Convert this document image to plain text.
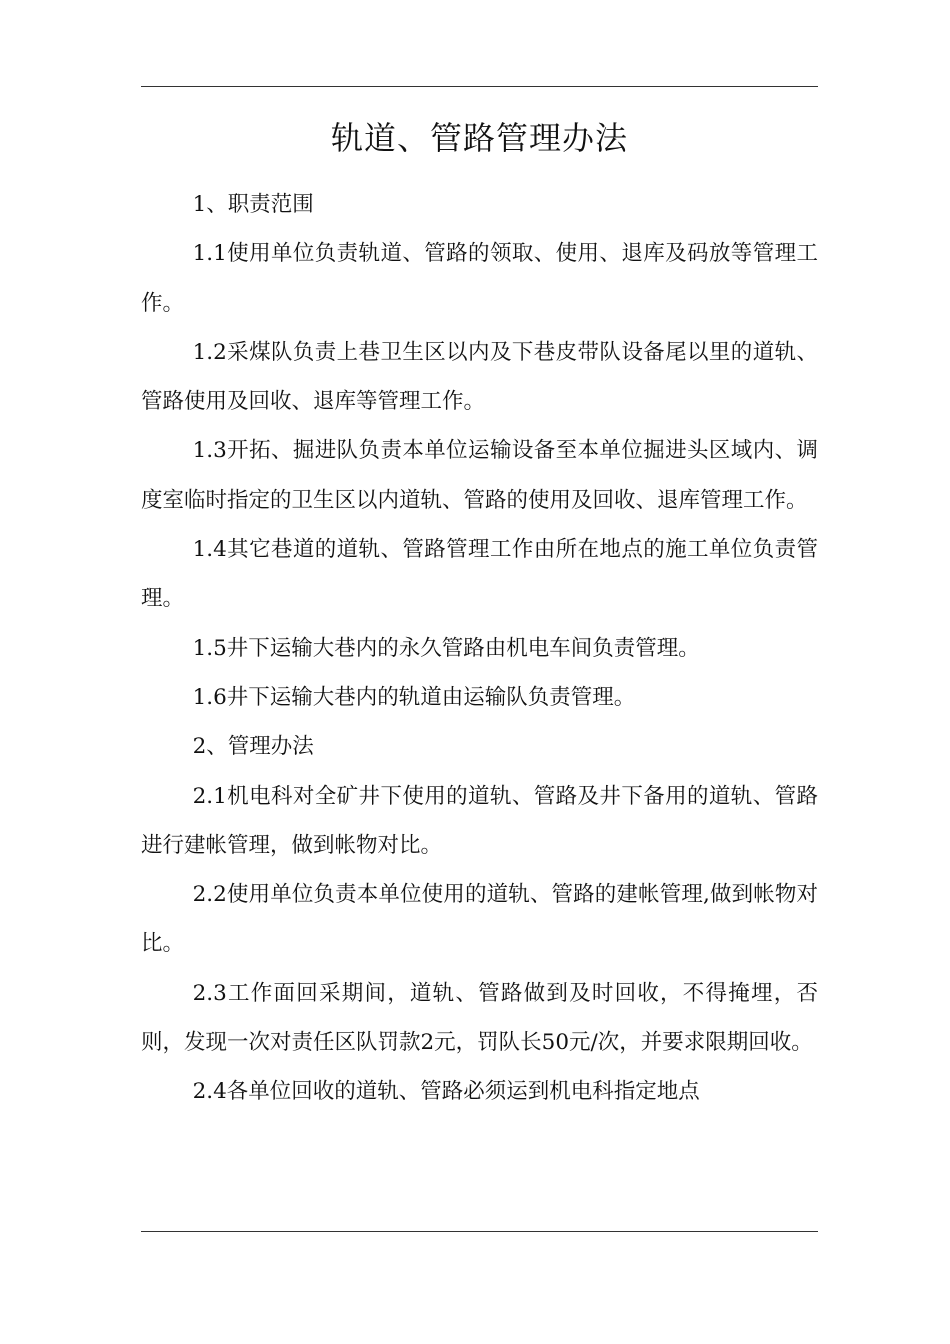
轨道、管路管理办法

1、职责范围

1.1使用单位负责轨道、管路的领取、使用、退库及码放等管理工作。

1.2采煤队负责上巷卫生区以内及下巷皮带队设备尾以里的道轨、管路使用及回收、退库等管理工作。

1.3开拓、掘进队负责本单位运输设备至本单位掘进头区域内、调度室临时指定的卫生区以内道轨、管路的使用及回收、退库管理工作。

1.4其它巷道的道轨、管路管理工作由所在地点的施工单位负责管理。

1.5井下运输大巷内的永久管路由机电车间负责管理。

1.6井下运输大巷内的轨道由运输队负责管理。

2、管理办法

2.1机电科对全矿井下使用的道轨、管路及井下备用的道轨、管路进行建帐管理，做到帐物对比。

2.2使用单位负责本单位使用的道轨、管路的建帐管理,做到帐物对比。

2.3工作面回采期间，道轨、管路做到及时回收，不得掩埋，否则，发现一次对责任区队罚款2元，罚队长50元/次，并要求限期回收。

2.4各单位回收的道轨、管路必须运到机电科指定地点
